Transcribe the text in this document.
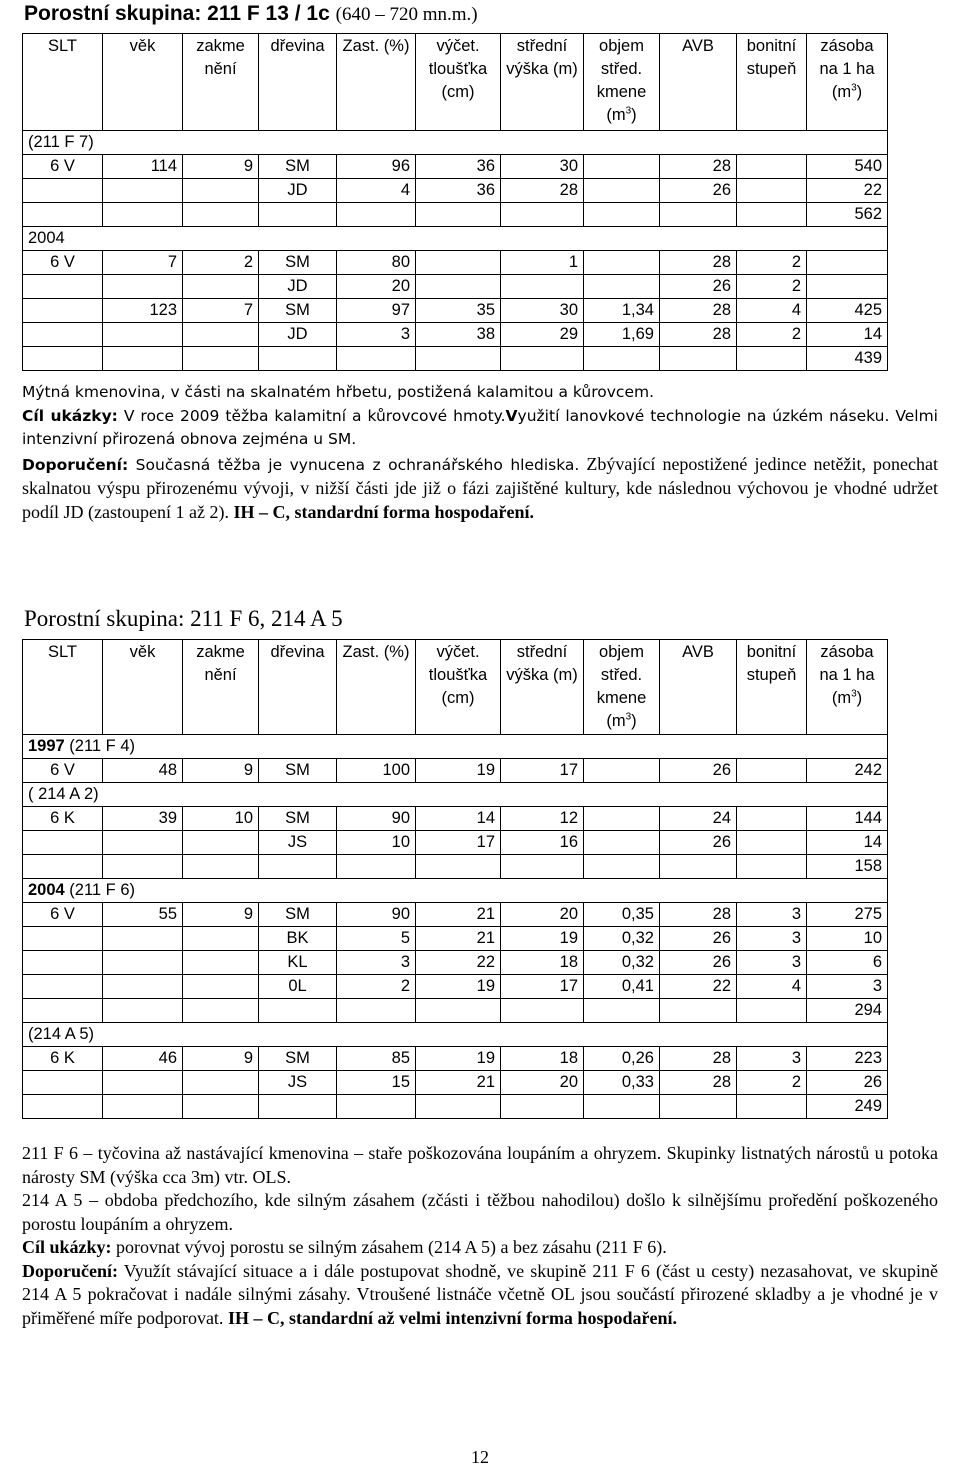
Porostní skupina: 211 F 13 / 1c (640 – 720 mn.m.)
SLT	věk	zakme nění	dřevina	Zast. (%)	výčet. tloušťka (cm)	střední výška (m)	objem střed. kmene $(m^3)$	AVB	bonitní stupeň	zásoba na 1 ha $(m^3)$
(211 F 7)										
6 V	114	9	SM	96	36	30		28		540
			JD	4	36	28		26		22
										562
2004										
6 V	7	2	SM	80		1		28	2	
			JD	20				26	2	
	123	7	SM	97	35	30	1,34	28	4	425
			JD	3	38	29	1,69	28	2	14
										439

Mýtná kmenovina, v části na skalnatém hřbetu, postižená kalamitou a kůrovcem.

Cíl ukázky: V roce 2009 těžba kalamitní a kůrovcové hmoty.Využití lanovkové technologie na úzkém náseku. Velmi intenzivní přirozená obnova zejména u SM.

Doporučení: Současná těžba je vynucena z ochranářského hlediska. Zbývající nepostižené jedince netěžit, ponechat skalnatou výspu přirozenému vývoji, v nižší části jde již o fázi zajištěné kultury, kde následnou výchovou je vhodné udržet podíl JD (zastoupení 1 až 2). IH – C, standardní forma hospodaření.

Porostní skupina: 211 F 6, 214 A 5
SLT	věk	zakme nění	dřevina	Zast. (%)	výčet. tloušťka (cm)	střední výška (m)	objem střed. kmene $(m^3)$	AVB	bonitní stupeň	zásoba na 1 ha $(m^3)$
1997 (211 F 4)										
6 V	48	9	SM	100	19	17		26		242
( 214 A 2)										
6 K	39	10	SM	90	14	12		24		144
			JS	10	17	16		26		14
										158
2004 (211 F 6)										
6 V	55	9	SM	90	21	20	0,35	28	3	275
			BK	5	21	19	0,32	26	3	10
			KL	3	22	18	0,32	26	3	6
			0L	2	19	17	0,41	22	4	3
										294
(214 A 5)										
6 K	46	9	SM	85	19	18	0,26	28	3	223
			JS	15	21	20	0,33	28	2	26
										249

211 F 6 – tyčovina až nastávající kmenovina – staře poškozována loupáním a ohryzem. Skupinky listnatých nárostů u potoka nárosty SM (výška cca 3m) vtr. OLS.

214 A 5 – obdoba předchozího, kde silným zásahem (zčásti i těžbou nahodilou) došlo k silnějšímu proředění poškozeného porostu loupáním a ohryzem.

Cíl ukázky: porovnat vývoj porostu se silným zásahem (214 A 5) a bez zásahu (211 F 6).

Doporučení: Využít stávající situace a i dále postupovat shodně, ve skupině 211 F 6 (část u cesty) nezasahovat, ve skupině 214 A 5 pokračovat i nadále silnými zásahy. Vtroušené listnáče včetně OL jsou součástí přirozené skladby a je vhodné je v přiměřené míře podporovat. IH – C, standardní až velmi intenzivní forma hospodaření.

12
